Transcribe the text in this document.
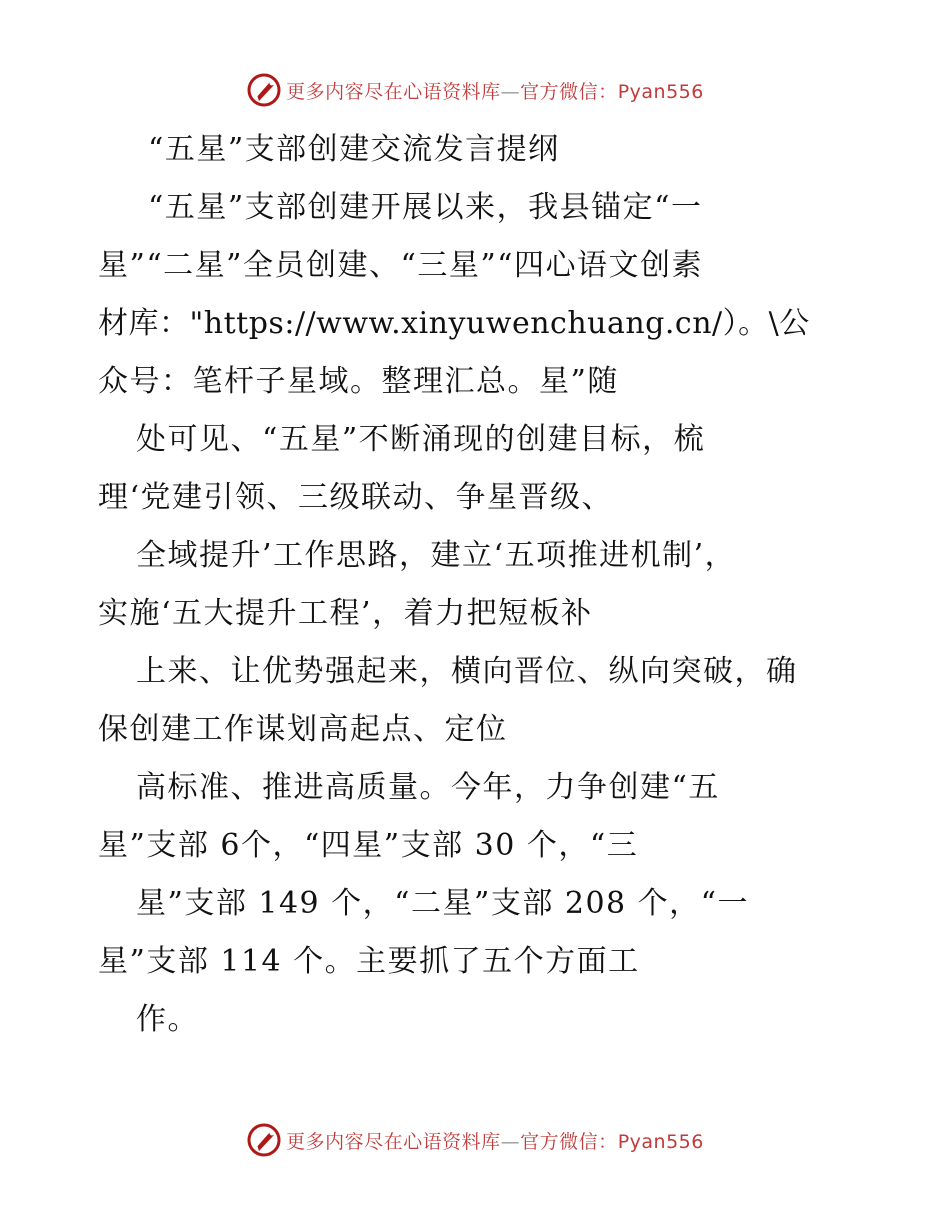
更多内容尽在心语资料库—官方微信：Pyan556
“五星”支部创建交流发言提纲
“五星”支部创建开展以来，我县锚定“一
星”“二星”全员创建、“三星”“四心语文创素
材库："https://www.xinyuwenchuang.cn/）。\公
众号：笔杆子星域。整理汇总。星”随
处可见、“五星”不断涌现的创建目标，梳
理‘党建引领、三级联动、争星晋级、
全域提升’工作思路，建立‘五项推进机制’，
实施‘五大提升工程’，着力把短板补
上来、让优势强起来，横向晋位、纵向突破，确
保创建工作谋划高起点、定位
高标准、推进高质量。今年，力争创建“五
星”支部 6个，“四星”支部 30 个，“三
星”支部 149 个，“二星”支部 208 个，“一
星”支部 114 个。主要抓了五个方面工
作。
更多内容尽在心语资料库—官方微信：Pyan556
